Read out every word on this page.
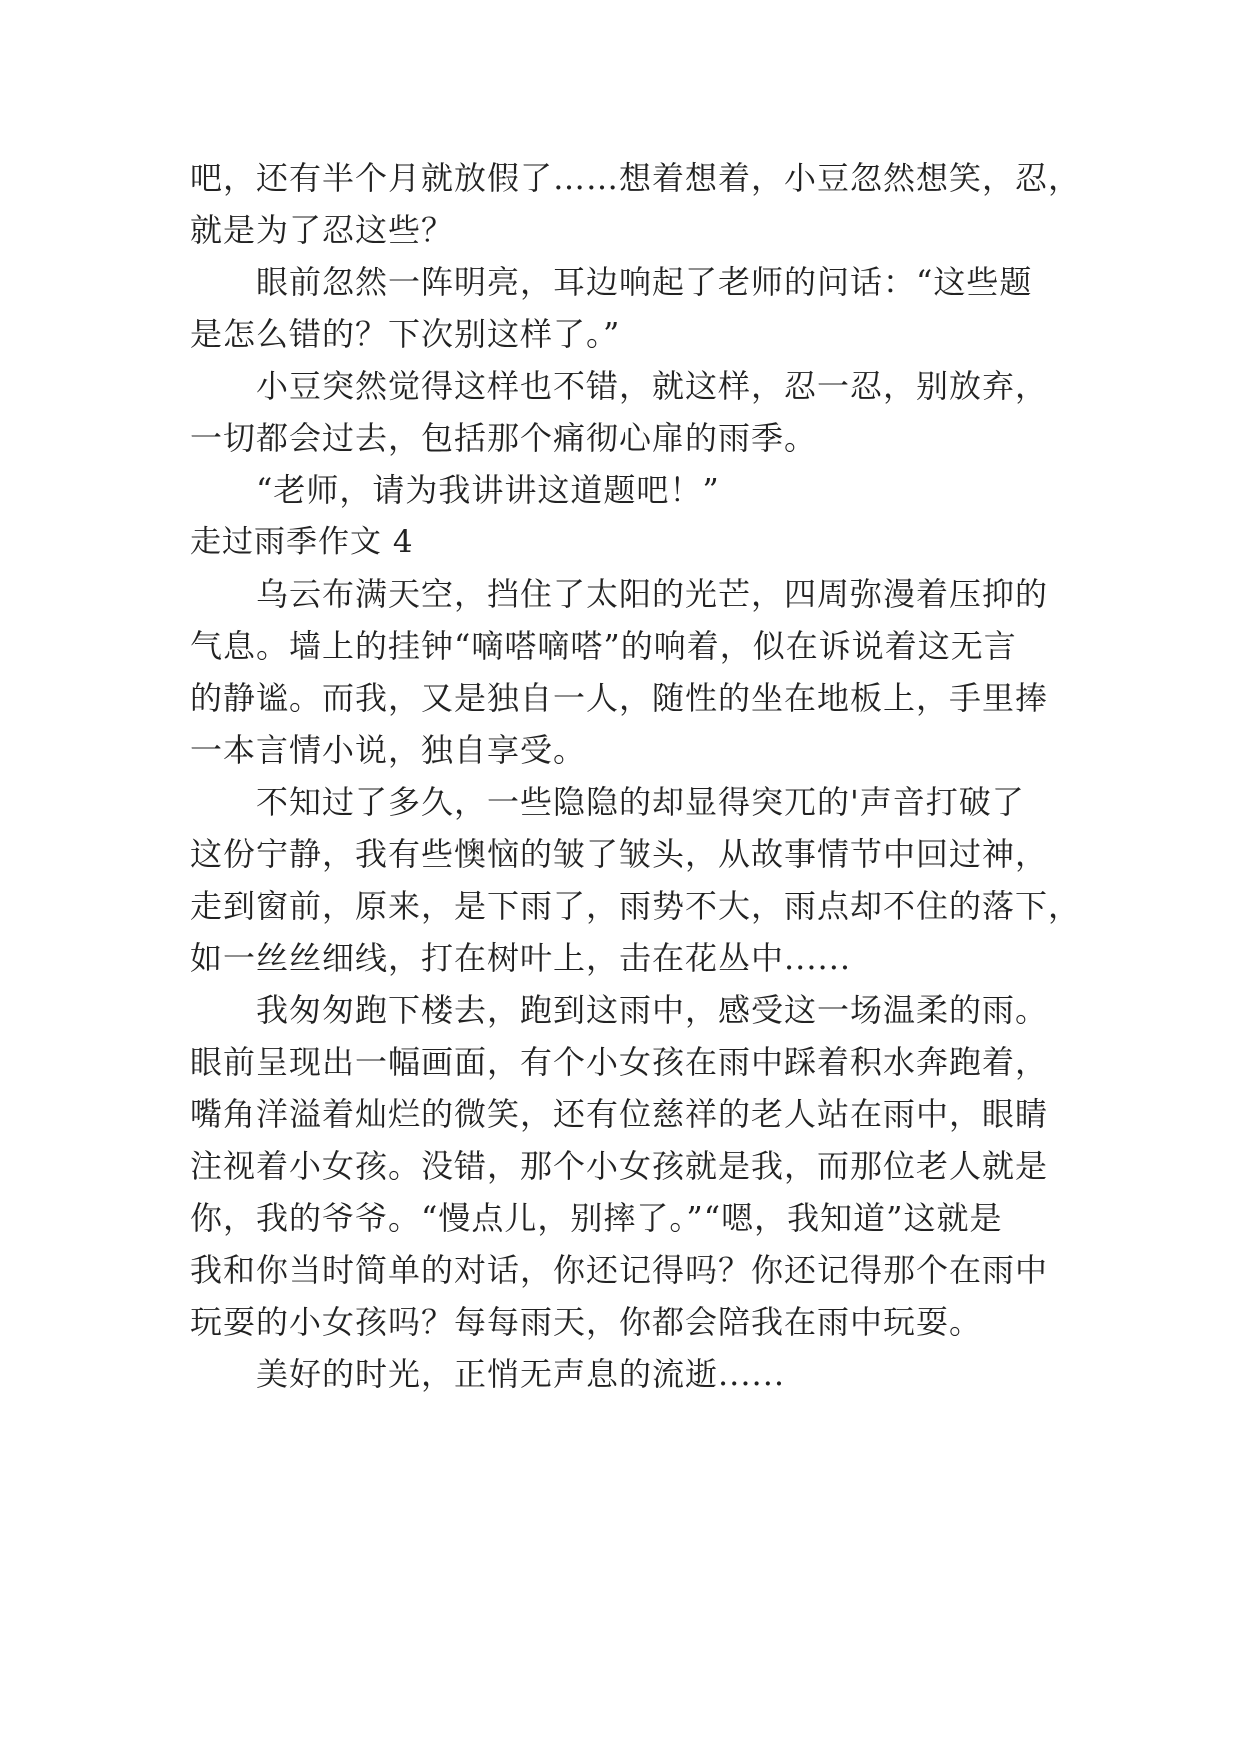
吧，还有半个月就放假了……想着想着，小豆忽然想笑，忍，
就是为了忍这些？
眼前忽然一阵明亮，耳边响起了老师的问话：“这些题
是怎么错的？下次别这样了。”
小豆突然觉得这样也不错，就这样，忍一忍，别放弃，
一切都会过去，包括那个痛彻心扉的雨季。
“老师，请为我讲讲这道题吧！”
走过雨季作文 4
乌云布满天空，挡住了太阳的光芒，四周弥漫着压抑的
气息。墙上的挂钟“嘀嗒嘀嗒”的响着，似在诉说着这无言
的静谧。而我，又是独自一人，随性的坐在地板上，手里捧
一本言情小说，独自享受。
不知过了多久，一些隐隐的却显得突兀的'声音打破了
这份宁静，我有些懊恼的皱了皱头，从故事情节中回过神，
走到窗前，原来，是下雨了，雨势不大，雨点却不住的落下，
如一丝丝细线，打在树叶上，击在花丛中......
我匆匆跑下楼去，跑到这雨中，感受这一场温柔的雨。
眼前呈现出一幅画面，有个小女孩在雨中踩着积水奔跑着，
嘴角洋溢着灿烂的微笑，还有位慈祥的老人站在雨中，眼睛
注视着小女孩。没错，那个小女孩就是我，而那位老人就是
你，我的爷爷。“慢点儿，别摔了。”“嗯，我知道”这就是
我和你当时简单的对话，你还记得吗？你还记得那个在雨中
玩耍的小女孩吗？每每雨天，你都会陪我在雨中玩耍。
美好的时光，正悄无声息的流逝......
